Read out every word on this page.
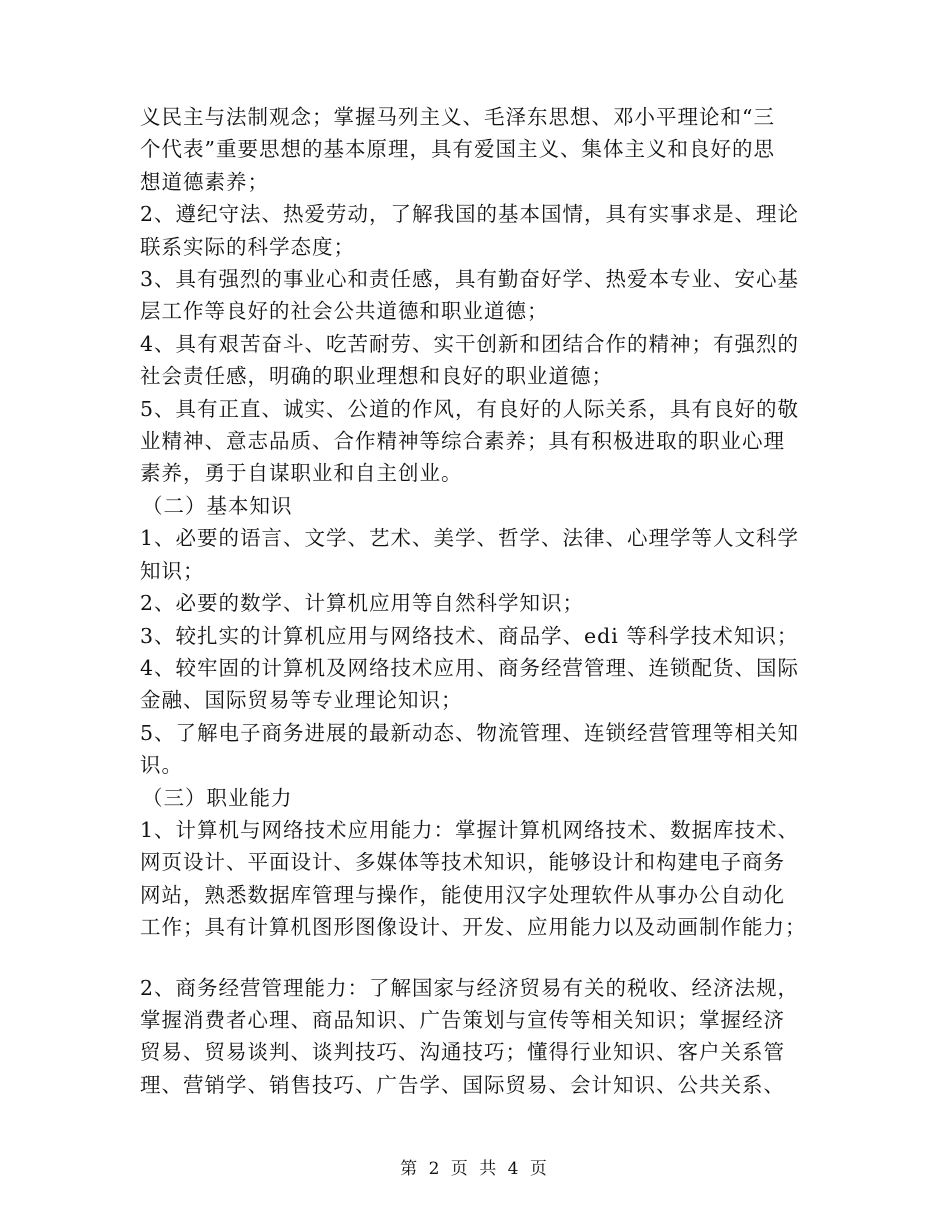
义民主与法制观念；掌握马列主义、毛泽东思想、邓小平理论和“三
个代表”重要思想的基本原理，具有爱国主义、集体主义和良好的思
想道德素养；
2、遵纪守法、热爱劳动，了解我国的基本国情，具有实事求是、理论
联系实际的科学态度；
3、具有强烈的事业心和责任感，具有勤奋好学、热爱本专业、安心基
层工作等良好的社会公共道德和职业道德；
4、具有艰苦奋斗、吃苦耐劳、实干创新和团结合作的精神；有强烈的
社会责任感，明确的职业理想和良好的职业道德；
5、具有正直、诚实、公道的作风，有良好的人际关系，具有良好的敬
业精神、意志品质、合作精神等综合素养；具有积极进取的职业心理
素养，勇于自谋职业和自主创业。
（二）基本知识
1、必要的语言、文学、艺术、美学、哲学、法律、心理学等人文科学
知识；
2、必要的数学、计算机应用等自然科学知识；
3、较扎实的计算机应用与网络技术、商品学、edi 等科学技术知识；
4、较牢固的计算机及网络技术应用、商务经营管理、连锁配货、国际
金融、国际贸易等专业理论知识；
5、了解电子商务进展的最新动态、物流管理、连锁经营管理等相关知
识。
（三）职业能力
1、计算机与网络技术应用能力：掌握计算机网络技术、数据库技术、
网页设计、平面设计、多媒体等技术知识，能够设计和构建电子商务
网站，熟悉数据库管理与操作，能使用汉字处理软件从事办公自动化
工作；具有计算机图形图像设计、开发、应用能力以及动画制作能力；
2、商务经营管理能力：了解国家与经济贸易有关的税收、经济法规，
掌握消费者心理、商品知识、广告策划与宣传等相关知识；掌握经济
贸易、贸易谈判、谈判技巧、沟通技巧；懂得行业知识、客户关系管
理、营销学、销售技巧、广告学、国际贸易、会计知识、公共关系、
第 2 页 共 4 页
